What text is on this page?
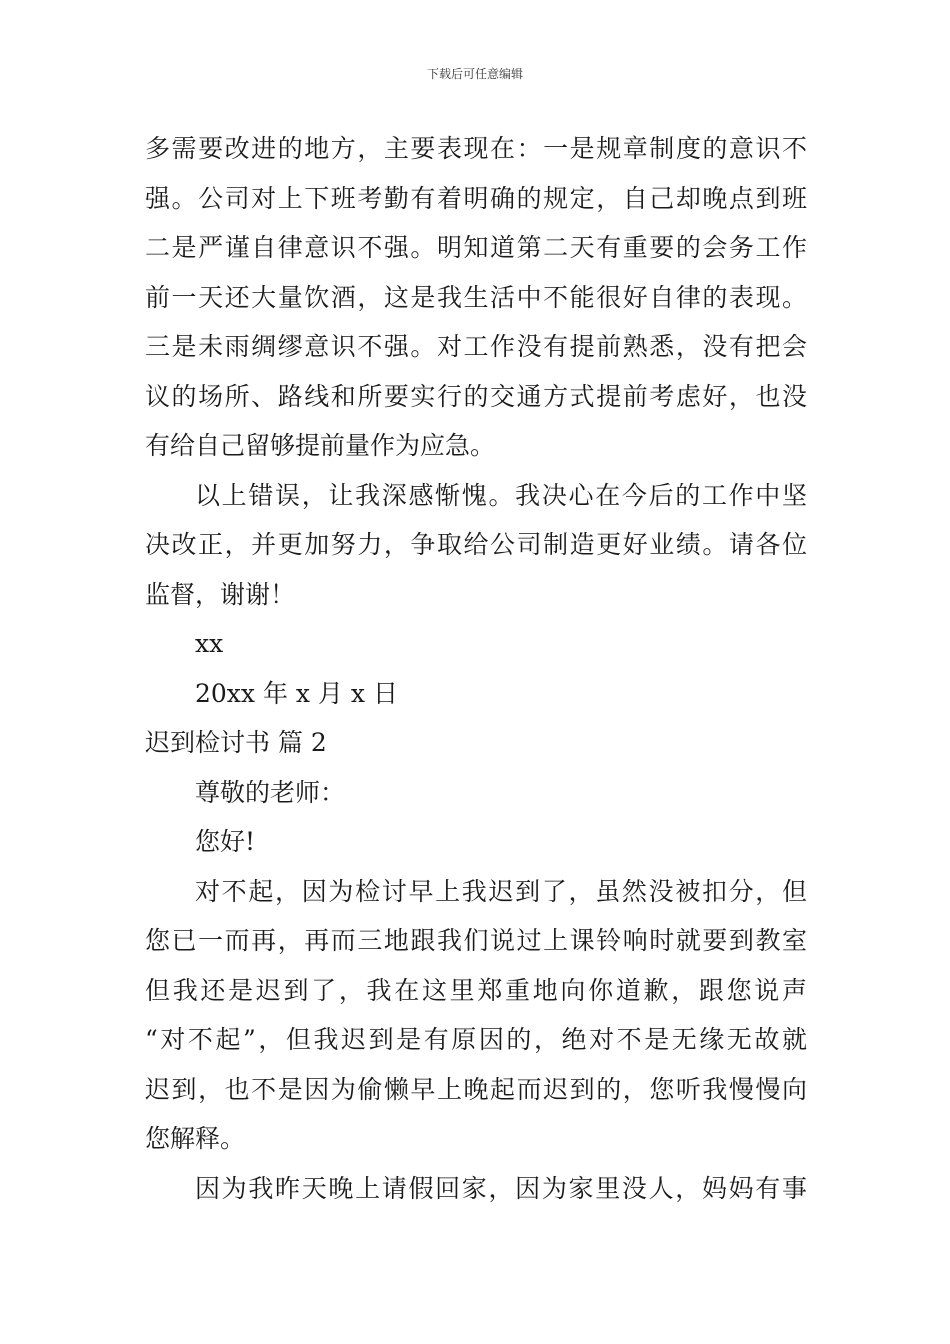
下载后可任意编辑
多需要改进的地方，主要表现在：一是规章制度的意识不
强。公司对上下班考勤有着明确的规定，自己却晚点到班
二是严谨自律意识不强。明知道第二天有重要的会务工作
前一天还大量饮酒，这是我生活中不能很好自律的表现。
三是未雨绸缪意识不强。对工作没有提前熟悉，没有把会
议的场所、路线和所要实行的交通方式提前考虑好，也没
有给自己留够提前量作为应急。
以上错误，让我深感惭愧。我决心在今后的工作中坚
决改正，并更加努力，争取给公司制造更好业绩。请各位
监督，谢谢！
xx
20xx 年 x 月 x 日
迟到检讨书 篇 2
尊敬的老师：
您好!
对不起，因为检讨早上我迟到了，虽然没被扣分，但
您已一而再，再而三地跟我们说过上课铃响时就要到教室
但我还是迟到了，我在这里郑重地向你道歉，跟您说声
“对不起”，但我迟到是有原因的，绝对不是无缘无故就
迟到，也不是因为偷懒早上晚起而迟到的，您听我慢慢向
您解释。
因为我昨天晚上请假回家，因为家里没人，妈妈有事
